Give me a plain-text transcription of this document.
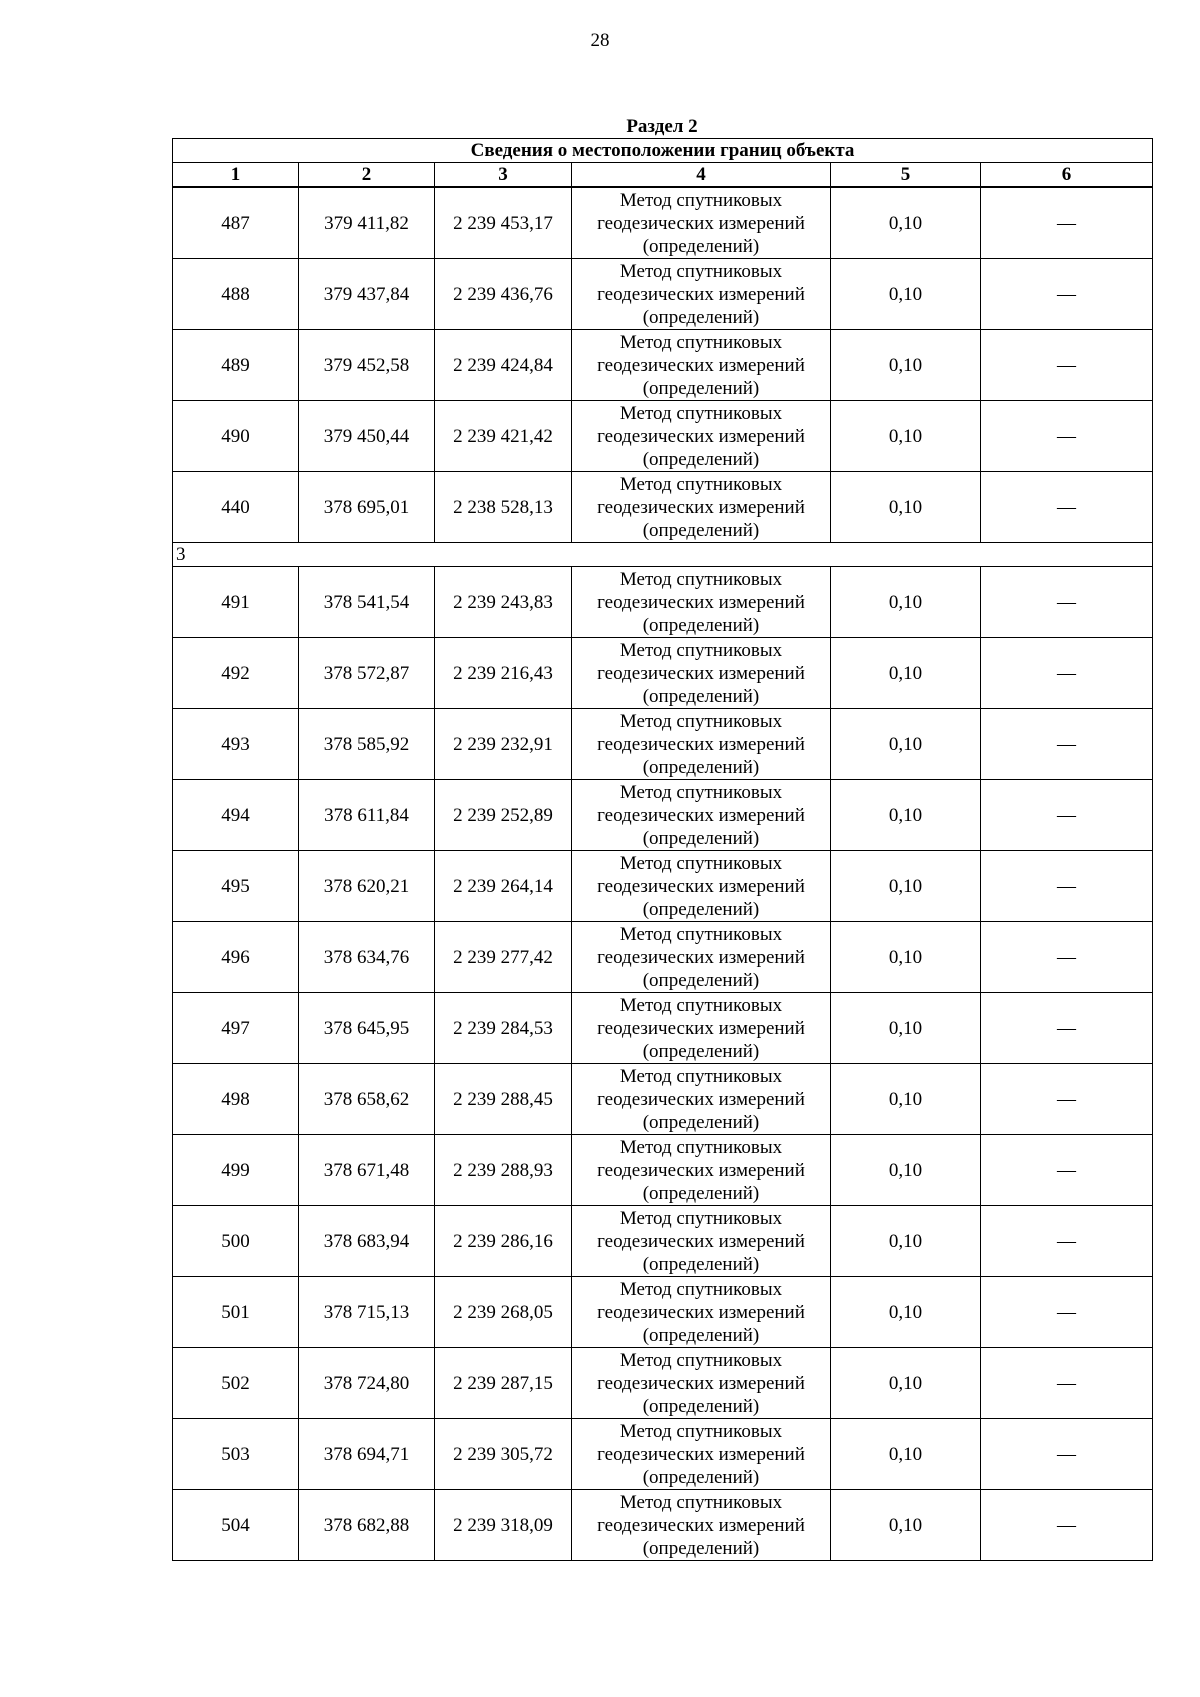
28
Раздел 2
Сведения о местоположении границ объекта					
1	2	3	4	5	6
487	379 411,82	2 239 453,17	Метод спутниковых
геодезических измерений
(определений)	0,10	—
488	379 437,84	2 239 436,76	Метод спутниковых
геодезических измерений
(определений)	0,10	—
489	379 452,58	2 239 424,84	Метод спутниковых
геодезических измерений
(определений)	0,10	—
490	379 450,44	2 239 421,42	Метод спутниковых
геодезических измерений
(определений)	0,10	—
440	378 695,01	2 238 528,13	Метод спутниковых
геодезических измерений
(определений)	0,10	—
3					
491	378 541,54	2 239 243,83	Метод спутниковых
геодезических измерений
(определений)	0,10	—
492	378 572,87	2 239 216,43	Метод спутниковых
геодезических измерений
(определений)	0,10	—
493	378 585,92	2 239 232,91	Метод спутниковых
геодезических измерений
(определений)	0,10	—
494	378 611,84	2 239 252,89	Метод спутниковых
геодезических измерений
(определений)	0,10	—
495	378 620,21	2 239 264,14	Метод спутниковых
геодезических измерений
(определений)	0,10	—
496	378 634,76	2 239 277,42	Метод спутниковых
геодезических измерений
(определений)	0,10	—
497	378 645,95	2 239 284,53	Метод спутниковых
геодезических измерений
(определений)	0,10	—
498	378 658,62	2 239 288,45	Метод спутниковых
геодезических измерений
(определений)	0,10	—
499	378 671,48	2 239 288,93	Метод спутниковых
геодезических измерений
(определений)	0,10	—
500	378 683,94	2 239 286,16	Метод спутниковых
геодезических измерений
(определений)	0,10	—
501	378 715,13	2 239 268,05	Метод спутниковых
геодезических измерений
(определений)	0,10	—
502	378 724,80	2 239 287,15	Метод спутниковых
геодезических измерений
(определений)	0,10	—
503	378 694,71	2 239 305,72	Метод спутниковых
геодезических измерений
(определений)	0,10	—
504	378 682,88	2 239 318,09	Метод спутниковых
геодезических измерений
(определений)	0,10	—
